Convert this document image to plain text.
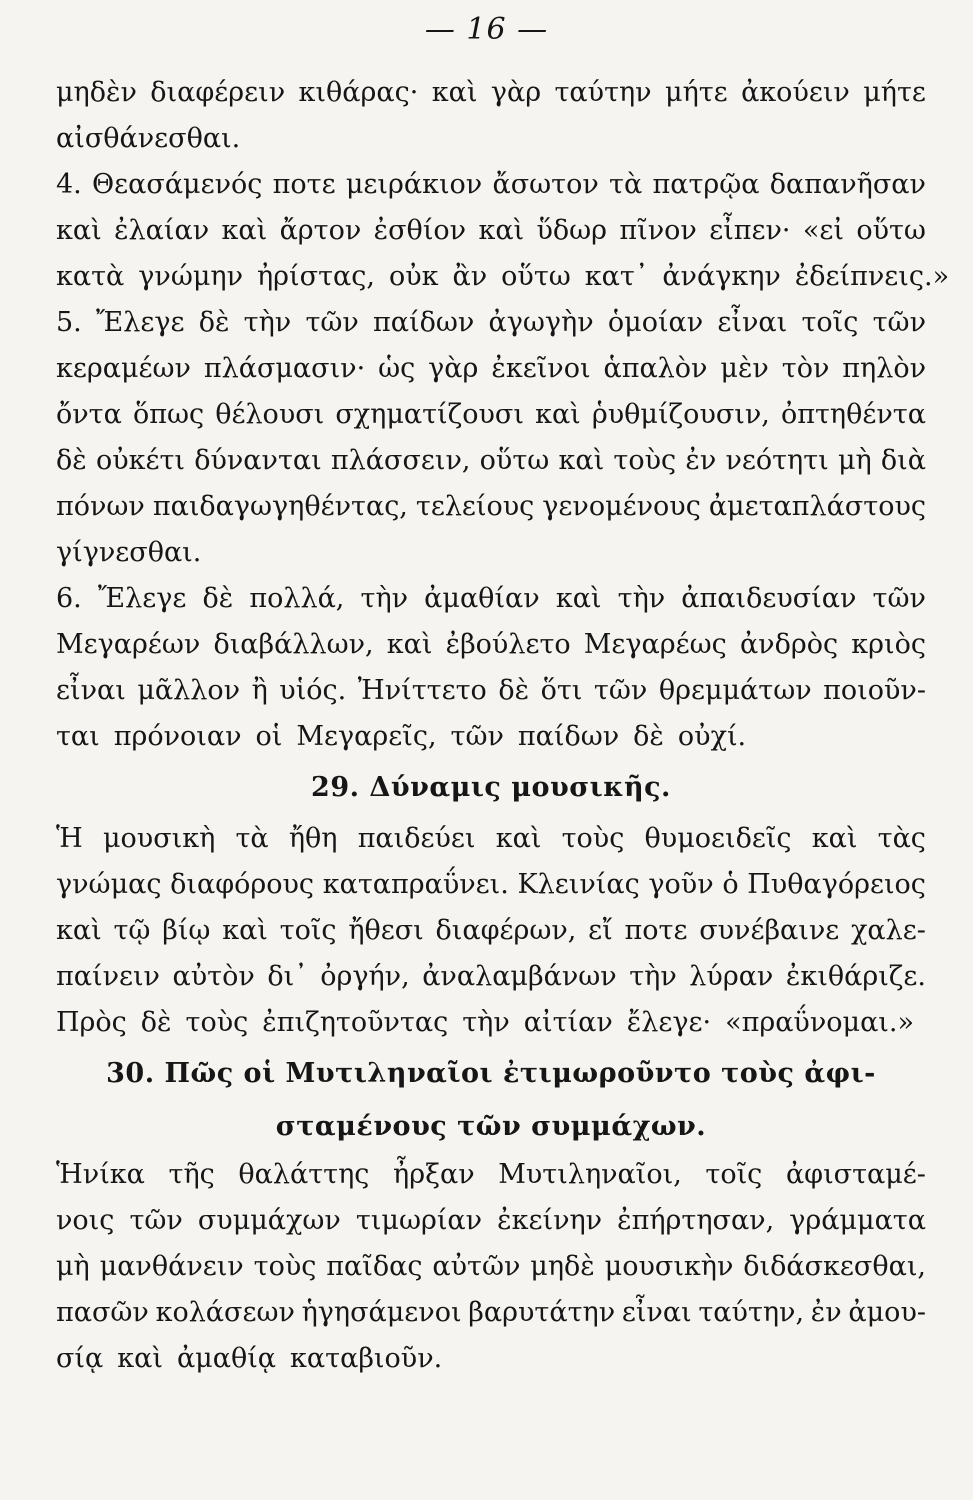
— 16 —
μηδὲν διαφέρειν κιθάρας· καὶ γὰρ ταύτην μήτε ἀκούειν μήτε
αἰσθάνεσθαι.
4. Θεασάμενός ποτε μειράκιον ἄσωτον τὰ πατρῷα δαπανῆσαν
καὶ ἐλαίαν καὶ ἄρτον ἐσθίον καὶ ὕδωρ πῖνον εἶπεν· «εἰ οὕτω
κατὰ γνώμην ἠρίστας, οὐκ ἂν οὕτω κατ᾽ ἀνάγκην ἐδείπνεις.»
5. Ἔλεγε δὲ τὴν τῶν παίδων ἀγωγὴν ὁμοίαν εἶναι τοῖς τῶν
κεραμέων πλάσμασιν· ὡς γὰρ ἐκεῖνοι ἁπαλὸν μὲν τὸν πηλὸν
ὄντα ὅπως θέλουσι σχηματίζουσι καὶ ῥυθμίζουσιν, ὀπτηθέντα
δὲ οὐκέτι δύνανται πλάσσειν, οὕτω καὶ τοὺς ἐν νεότητι μὴ διὰ
πόνων παιδαγωγηθέντας, τελείους γενομένους ἀμεταπλάστους
γίγνεσθαι.
6. Ἔλεγε δὲ πολλά, τὴν ἀμαθίαν καὶ τὴν ἀπαιδευσίαν τῶν
Μεγαρέων διαβάλλων, καὶ ἐβούλετο Μεγαρέως ἀνδρὸς κριὸς
εἶναι μᾶλλον ἢ υἱός. Ἠνίττετο δὲ ὅτι τῶν θρεμμάτων ποιοῦν-
ται πρόνοιαν οἱ Μεγαρεῖς, τῶν παίδων δὲ οὐχί.
29. Δύναμις μουσικῆς.
Ἡ μουσικὴ τὰ ἤθη παιδεύει καὶ τοὺς θυμοειδεῖς καὶ τὰς
γνώμας διαφόρους καταπραΰνει. Κλεινίας γοῦν ὁ Πυθαγόρειος
καὶ τῷ βίῳ καὶ τοῖς ἤθεσι διαφέρων, εἴ ποτε συνέβαινε χαλε-
παίνειν αὐτὸν δι᾽ ὀργήν, ἀναλαμβάνων τὴν λύραν ἐκιθάριζε.
Πρὸς δὲ τοὺς ἐπιζητοῦντας τὴν αἰτίαν ἔλεγε· «πραΰνομαι.»
30. Πῶς οἱ Μυτιληναῖοι ἐτιμωροῦντο τοὺς ἀφι-
σταμένους τῶν συμμάχων.
Ἡνίκα τῆς θαλάττης ἦρξαν Μυτιληναῖοι, τοῖς ἀφισταμέ-
νοις τῶν συμμάχων τιμωρίαν ἐκείνην ἐπήρτησαν, γράμματα
μὴ μανθάνειν τοὺς παῖδας αὐτῶν μηδὲ μουσικὴν διδάσκεσθαι,
πασῶν κολάσεων ἡγησάμενοι βαρυτάτην εἶναι ταύτην, ἐν ἀμου-
σίᾳ καὶ ἀμαθίᾳ καταβιοῦν.
